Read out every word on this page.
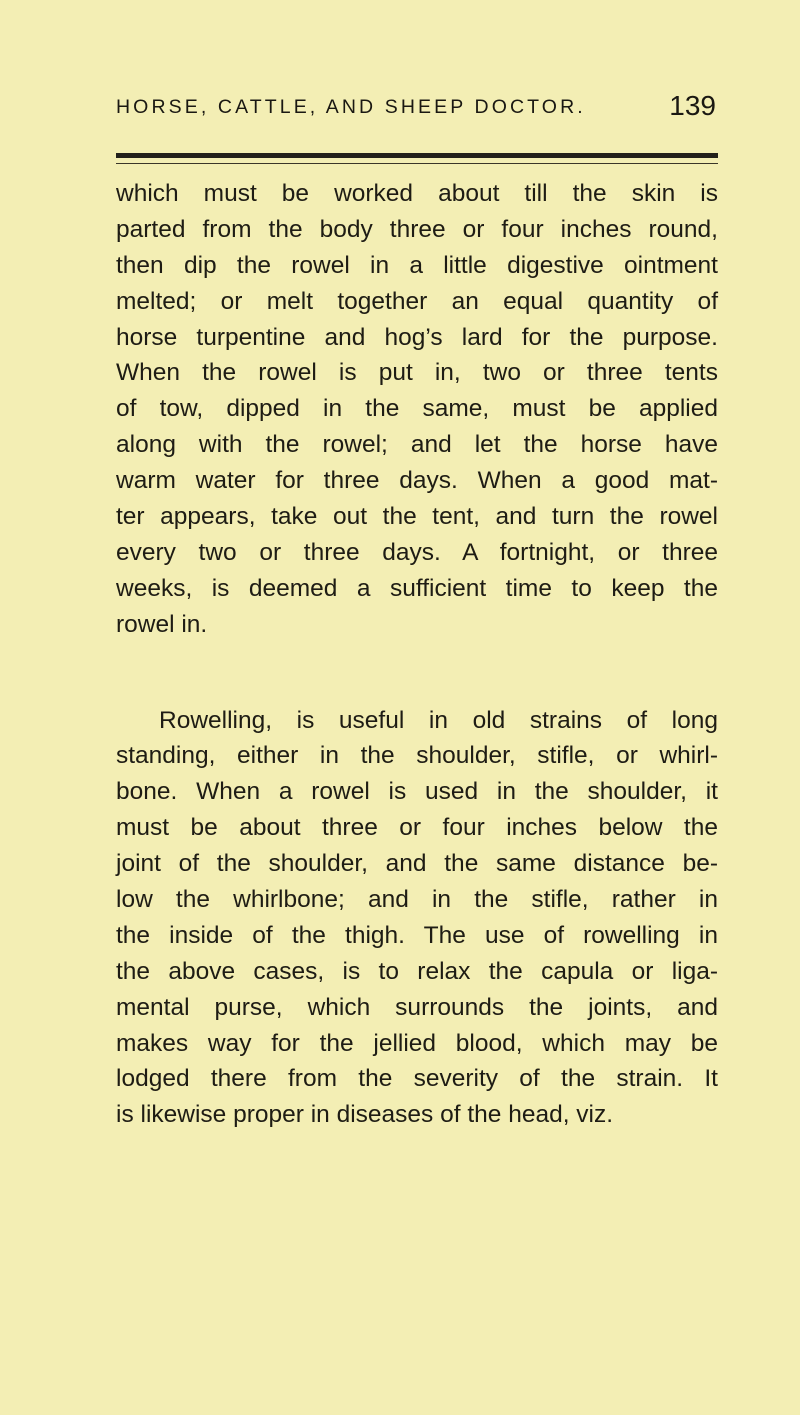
HORSE, CATTLE, AND SHEEP DOCTOR.	139
which must be worked about till the skin is
parted from the body three or four inches round,
then dip the rowel in a little digestive ointment
melted; or melt together an equal quantity of
horse turpentine and hog’s lard for the purpose.
When the rowel is put in, two or three tents
of tow, dipped in the same, must be applied
along with the rowel; and let the horse have
warm water for three days. When a good mat-
ter appears, take out the tent, and turn the rowel
every two or three days. A fortnight, or three
weeks, is deemed a sufficient time to keep the
rowel in.
Rowelling, is useful in old strains of long
standing, either in the shoulder, stifle, or whirl-
bone. When a rowel is used in the shoulder, it
must be about three or four inches below the
joint of the shoulder, and the same distance be-
low the whirlbone; and in the stifle, rather in
the inside of the thigh. The use of rowelling in
the above cases, is to relax the capula or liga-
mental purse, which surrounds the joints, and
makes way for the jellied blood, which may be
lodged there from the severity of the strain. It
is likewise proper in diseases of the head, viz.
